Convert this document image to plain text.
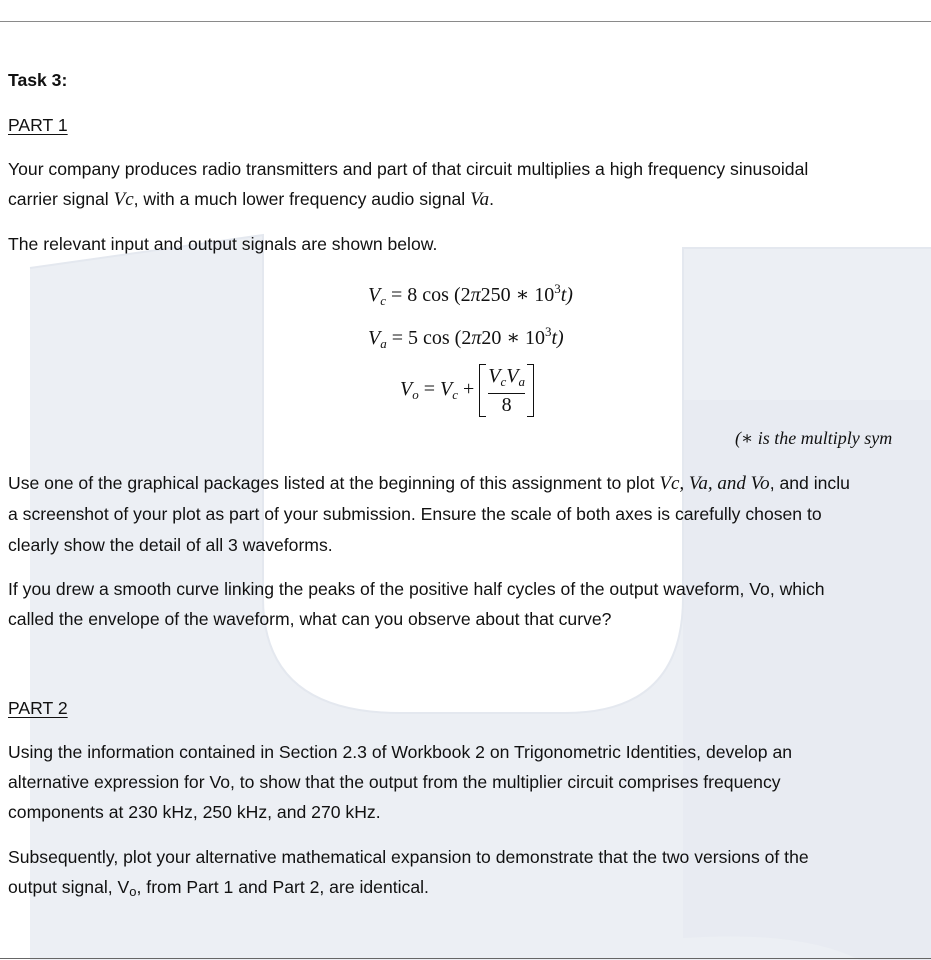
Task 3:

PART 1

Your company produces radio transmitters and part of that circuit multiplies a high frequency sinusoidal

carrier signal Vc, with a much lower frequency audio signal Va.

The relevant input and output signals are shown below.

$V_c = 8$ cos (2π250 ∗ $10^3t$)
$V_a = 5$ cos (2π20 ∗ $10^3t$)
$V_o = V_c + \frac{V_cV_a}{8}$
(∗ is the multiply sym

Use one of the graphical packages listed at the beginning of this assignment to plot Vc, Va, and Vo, and inclu

a screenshot of your plot as part of your submission. Ensure the scale of both axes is carefully chosen to

clearly show the detail of all 3 waveforms.

If you drew a smooth curve linking the peaks of the positive half cycles of the output waveform, Vo, which

called the envelope of the waveform, what can you observe about that curve?

PART 2

Using the information contained in Section 2.3 of Workbook 2 on Trigonometric Identities, develop an

alternative expression for Vo, to show that the output from the multiplier circuit comprises frequency

components at 230 kHz, 250 kHz, and 270 kHz.

Subsequently, plot your alternative mathematical expansion to demonstrate that the two versions of the

output signal, Vo, from Part 1 and Part 2, are identical.
